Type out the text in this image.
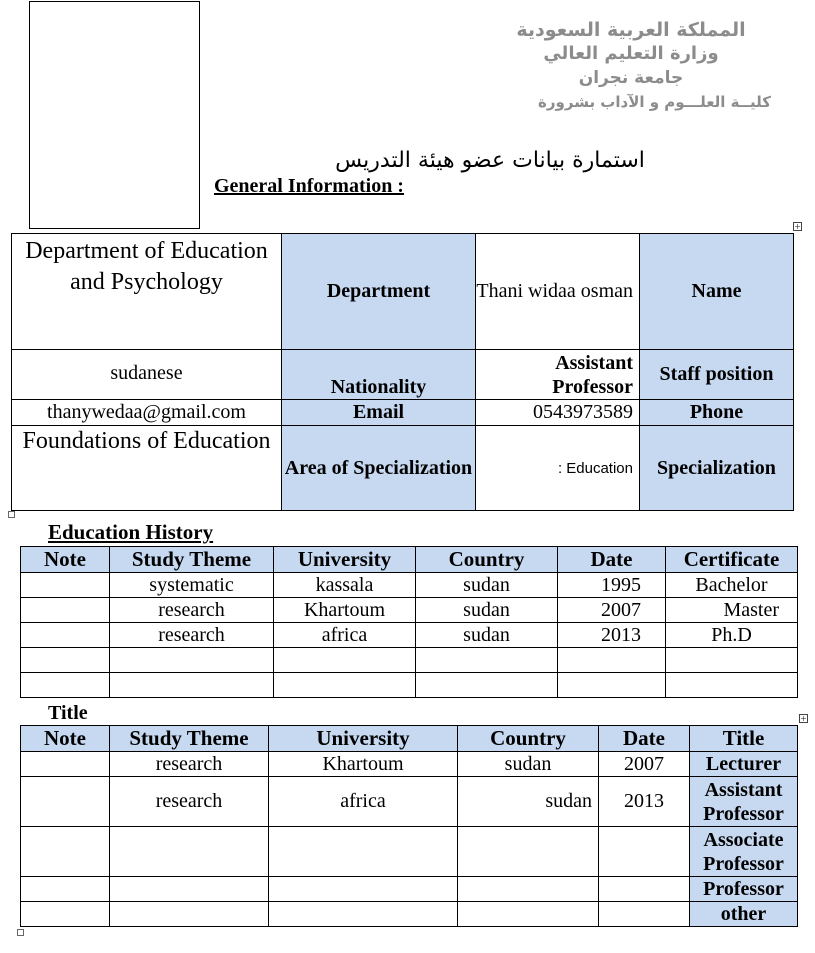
المملكة العربية السعودية
وزارة التعليم العالي
جامعة نجران
كليــة العلـــوم و الآداب بشرورة
استمارة بيانات عضو هيئة التدريس
General Information :
+
Department of Education and Psychology	Department	Thani widaa osman	Name
sudanese	Nationality	Assistant Professor	Staff position
thanywedaa@gmail.com	Email	0543973589	Phone
Foundations of Education	Area of Specialization	: Education	Specialization
Education History
Note	Study Theme	University	Country	Date	Certificate
	systematic	kassala	sudan	1995	Bachelor
	research	Khartoum	sudan	2007	Master
	research	africa	sudan	2013	Ph.D

Title	+
Note	Study Theme	University	Country	Date	Title
	research	Khartoum	sudan	2007	Lecturer
	research	africa	sudan	2013	Assistant Professor
					Associate Professor
					Professor
					other
